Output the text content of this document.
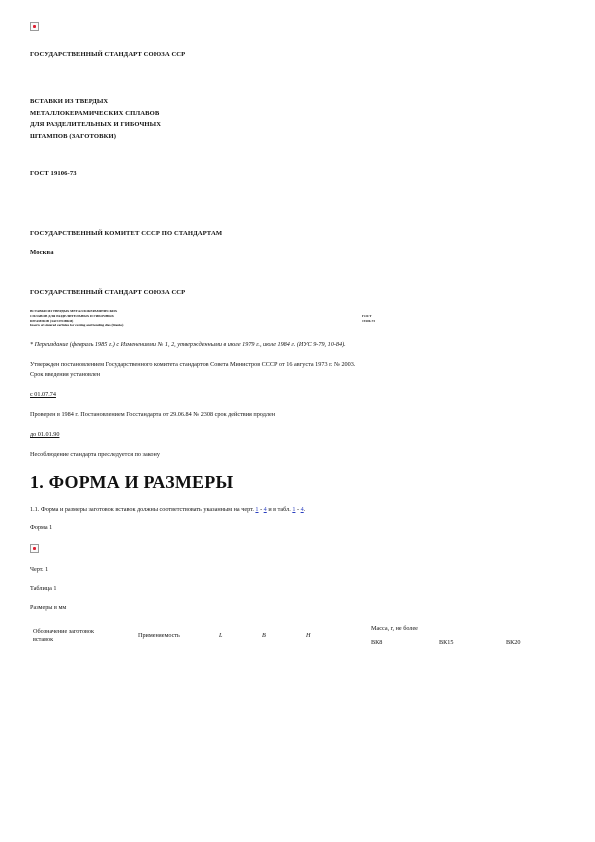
ГОСУДАРСТВЕННЫЙ СТАНДАРТ СОЮЗА ССР
ВСТАВКИ ИЗ ТВЕРДЫХ
МЕТАЛЛОКЕРАМИЧЕСКИХ СПЛАВОВ
ДЛЯ РАЗДЕЛИТЕЛЬНЫХ И ГИБОЧНЫХ
ШТАМПОВ (ЗАГОТОВКИ)
ГОСТ 19106-73
ГОСУДАРСТВЕННЫЙ КОМИТЕТ СССР ПО СТАНДАРТАМ
Москва
ГОСУДАРСТВЕННЫЙ СТАНДАРТ СОЮЗА ССР
ВСТАВКИ ИЗ ТВЕРДЫХ МЕТАЛЛОКЕРАМИЧЕСКИХ
СПЛАВОВ ДЛЯ РАЗДЕЛИТЕЛЬНЫХ И ГИБОЧНЫХ
ШТАМПОВ (ЗАГОТОВКИ)
Inserts of sintered carbides for cutting and bending dies (blanks)
ГОСТ
19106-73
* Переиздание (февраль 1985 г.) с Изменениями № 1, 2, утвержденными в июле 1979 г., июле 1984 г. (ИУС 9-79, 10-84).
Утвержден постановлением Государственного комитета стандартов Совета Министров СССР от 16 августа 1973 г. № 2003.
Срок введения установлен
с 01.07.74
Проверен в 1984 г. Постановлением Госстандарта от 29.06.84 № 2308 срок действия продлен
до 01.01.90
Несоблюдение стандарта преследуется по закону
1. ФОРМА И РАЗМЕРЫ
1.1. Форма и размеры заготовок вставок должны соответствовать указанным на черт. 1 - 4 и в табл. 1 - 4.
Форма 1
Черт. 1
Таблица 1
Размеры в мм
Обозначение заготовок
вставок
Применяемость	L	B	H
Масса, г, не более
ВК8	ВК15	ВК20
